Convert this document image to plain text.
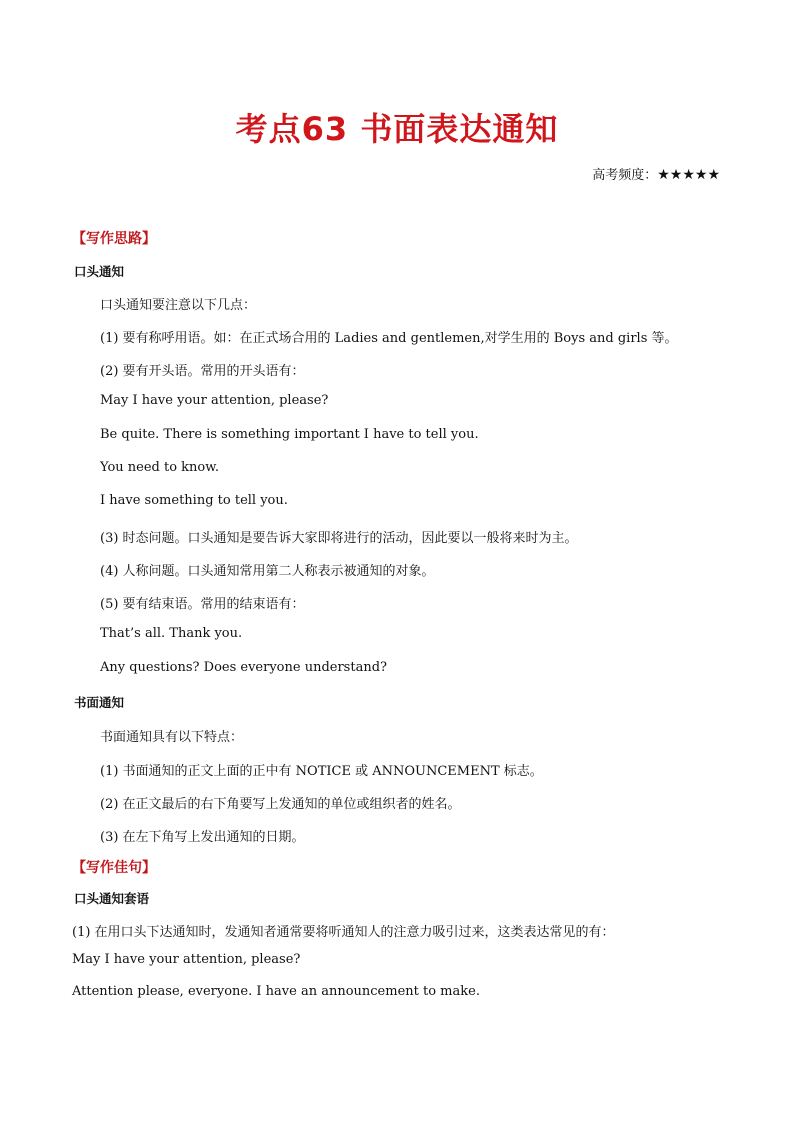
考点63 书面表达通知
高考频度：★★★★★
【写作思路】
口头通知
口头通知要注意以下几点：
(1) 要有称呼用语。如：在正式场合用的 Ladies and gentlemen,对学生用的 Boys and girls 等。
(2) 要有开头语。常用的开头语有：
May I have your attention, please?
Be quite. There is something important I have to tell you.
You need to know.
I have something to tell you.
(3) 时态问题。口头通知是要告诉大家即将进行的活动，因此要以一般将来时为主。
(4) 人称问题。口头通知常用第二人称表示被通知的对象。
(5) 要有结束语。常用的结束语有：
That’s all. Thank you.
Any questions? Does everyone understand?
书面通知
书面通知具有以下特点：
(1) 书面通知的正文上面的正中有 NOTICE 或 ANNOUNCEMENT 标志。
(2) 在正文最后的右下角要写上发通知的单位或组织者的姓名。
(3) 在左下角写上发出通知的日期。
【写作佳句】
口头通知套语
(1) 在用口头下达通知时，发通知者通常要将听通知人的注意力吸引过来，这类表达常见的有：
May I have your attention, please?
Attention please, everyone. I have an announcement to make.
